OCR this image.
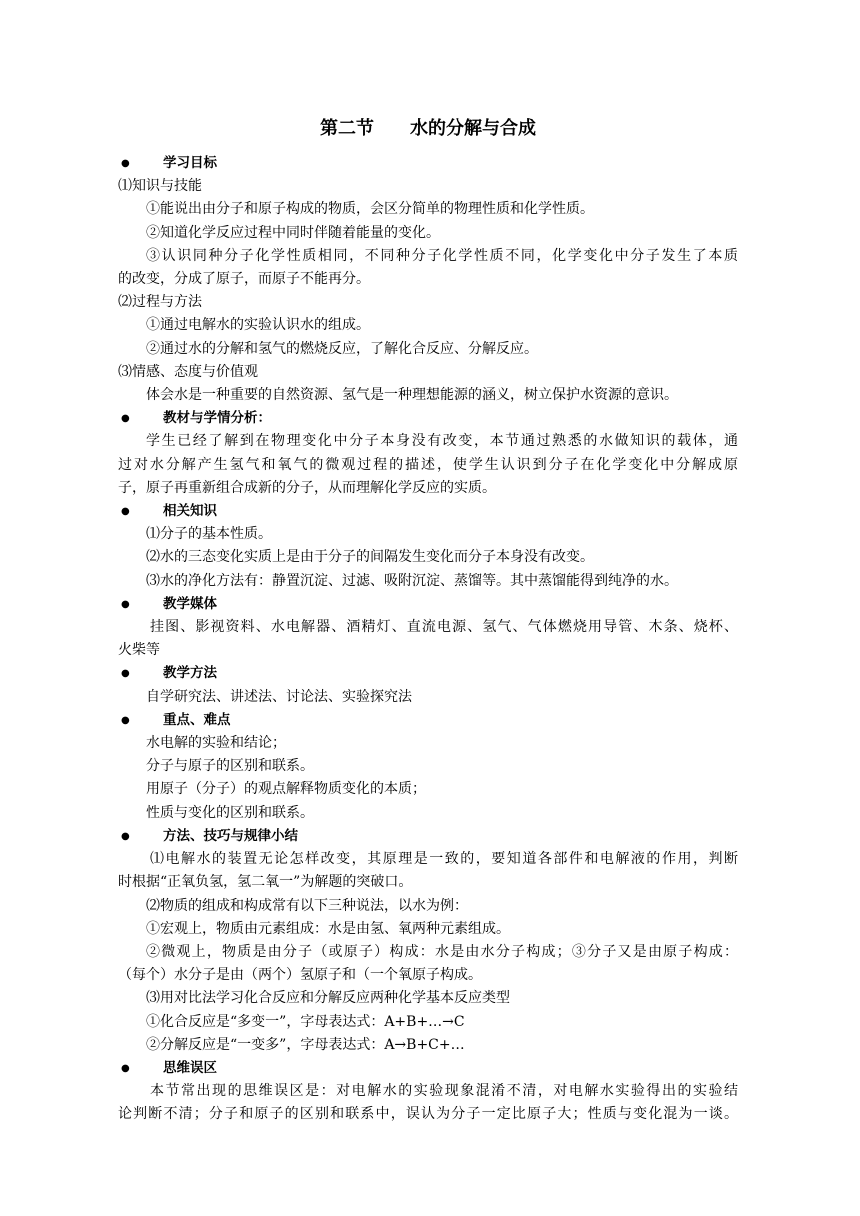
第二节　　水的分解与合成
● 学习目标
⑴知识与技能
①能说出由分子和原子构成的物质，会区分简单的物理性质和化学性质。
②知道化学反应过程中同时伴随着能量的变化。
③认识同种分子化学性质相同，不同种分子化学性质不同，化学变化中分子发生了本质
的改变，分成了原子，而原子不能再分。
⑵过程与方法
①通过电解水的实验认识水的组成。
②通过水的分解和氢气的燃烧反应，了解化合反应、分解反应。
⑶情感、态度与价值观
体会水是一种重要的自然资源、氢气是一种理想能源的涵义，树立保护水资源的意识。
● 教材与学情分析：
学生已经了解到在物理变化中分子本身没有改变，本节通过熟悉的水做知识的载体，通
过对水分解产生氢气和氧气的微观过程的描述，使学生认识到分子在化学变化中分解成原
子，原子再重新组合成新的分子，从而理解化学反应的实质。
● 相关知识
⑴分子的基本性质。
⑵水的三态变化实质上是由于分子的间隔发生变化而分子本身没有改变。
⑶水的净化方法有：静置沉淀、过滤、吸附沉淀、蒸馏等。其中蒸馏能得到纯净的水。
● 教学媒体
挂图、影视资料、水电解器、酒精灯、直流电源、氢气、气体燃烧用导管、木条、烧杯、
火柴等
● 教学方法
自学研究法、讲述法、讨论法、实验探究法
● 重点、难点
水电解的实验和结论；
分子与原子的区别和联系。
用原子（分子）的观点解释物质变化的本质；
性质与变化的区别和联系。
● 方法、技巧与规律小结
⑴电解水的装置无论怎样改变，其原理是一致的，要知道各部件和电解液的作用，判断
时根据“正氧负氢，氢二氧一”为解题的突破口。
⑵物质的组成和构成常有以下三种说法，以水为例：
①宏观上，物质由元素组成：水是由氢、氧两种元素组成。
②微观上，物质是由分子（或原子）构成：水是由水分子构成；③分子又是由原子构成：
（每个）水分子是由（两个）氢原子和（一个氧原子构成。
⑶用对比法学习化合反应和分解反应两种化学基本反应类型
①化合反应是“多变一”，字母表达式：A+B+…→C
②分解反应是“一变多”，字母表达式：A→B+C+…
● 思维误区
本节常出现的思维误区是：对电解水的实验现象混淆不清，对电解水实验得出的实验结
论判断不清；分子和原子的区别和联系中，误认为分子一定比原子大；性质与变化混为一谈。
